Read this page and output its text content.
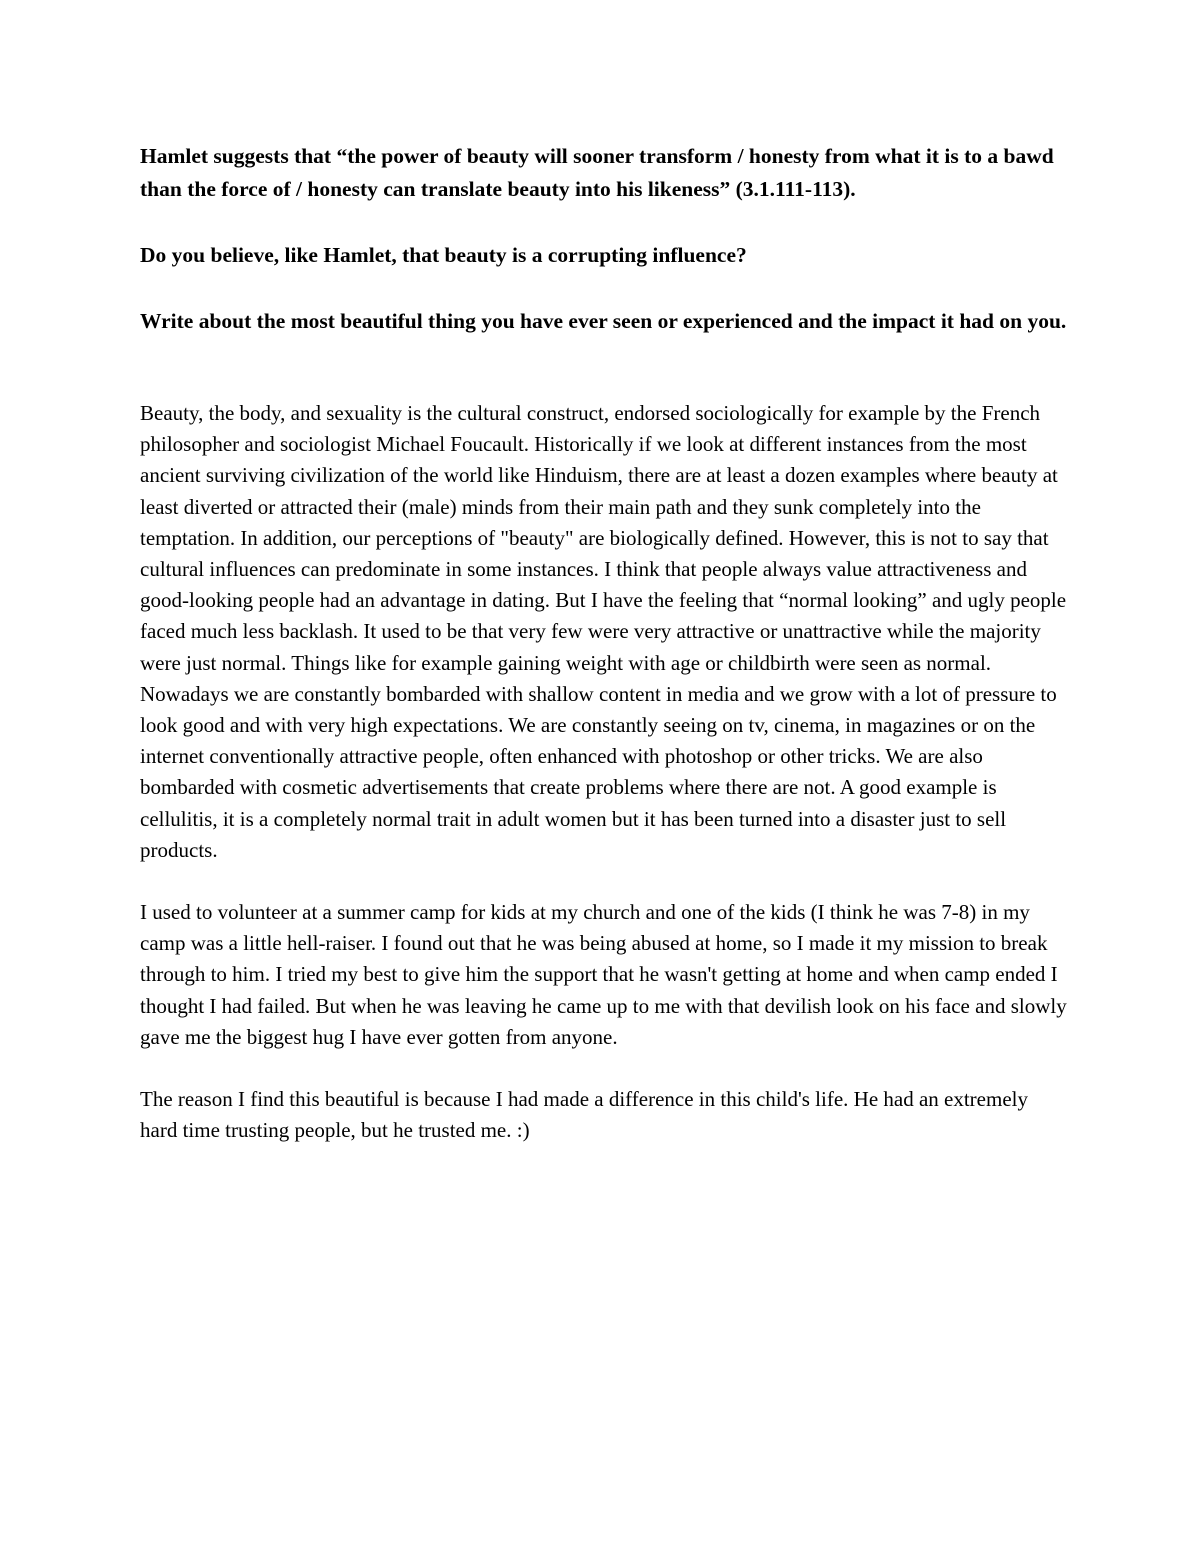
Hamlet suggests that “the power of beauty will sooner transform / honesty from what it is to a bawd than the force of / honesty can translate beauty into his likeness” (3.1.111-113).

Do you believe, like Hamlet, that beauty is a corrupting influence?

Write about the most beautiful thing you have ever seen or experienced and the impact it had on you.

Beauty, the body, and sexuality is the cultural construct, endorsed sociologically for example by the French philosopher and sociologist Michael Foucault. Historically if we look at different instances from the most ancient surviving civilization of the world like Hinduism, there are at least a dozen examples where beauty at least diverted or attracted their (male) minds from their main path and they sunk completely into the temptation. In addition, our perceptions of "beauty" are biologically defined. However, this is not to say that cultural influences can predominate in some instances. I think that people always value attractiveness and good-looking people had an advantage in dating. But I have the feeling that “normal looking” and ugly people faced much less backlash. It used to be that very few were very attractive or unattractive while the majority were just normal. Things like for example gaining weight with age or childbirth were seen as normal. Nowadays we are constantly bombarded with shallow content in media and we grow with a lot of pressure to look good and with very high expectations. We are constantly seeing on tv, cinema, in magazines or on the internet conventionally attractive people, often enhanced with photoshop or other tricks. We are also bombarded with cosmetic advertisements that create problems where there are not. A good example is cellulitis, it is a completely normal trait in adult women but it has been turned into a disaster just to sell products.

I used to volunteer at a summer camp for kids at my church and one of the kids (I think he was 7-8) in my camp was a little hell-raiser. I found out that he was being abused at home, so I made it my mission to break through to him. I tried my best to give him the support that he wasn't getting at home and when camp ended I thought I had failed. But when he was leaving he came up to me with that devilish look on his face and slowly gave me the biggest hug I have ever gotten from anyone.

The reason I find this beautiful is because I had made a difference in this child's life. He had an extremely hard time trusting people, but he trusted me. :)
